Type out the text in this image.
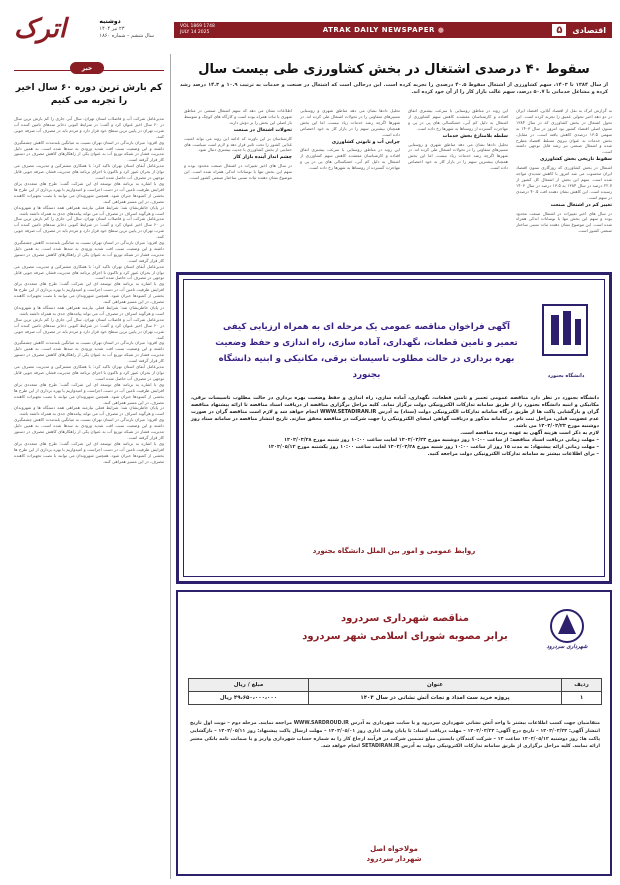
دوشنبه
۲۳ تیر ۱۴۰۴
سال ششم – شماره ۱۸۶۰
اترک	VOL 1869 1748
JULY 14 2025	ATRAK DAILY NEWSPAPER ●	۵	اقتصادی
سقوط ۴۰ درصدی اشتغال در بخش کشاورزی طی بیست سال
از سال ۱۳۸۴ تا ۱۴۰۳، سهم کشاورزی از اشتغال سقوط ۴۰.۵ درصدی را تجربه کرده است. این درحالی است که اشتغال در صنعت و خدمات به ترتیب ۱۰.۹ و ۱۴.۳ درصد رشد کرده و مشاغل خدماتی با ۵۰.۷ درصد، سهم غالب بازار کار را از آن خود کرده اند.
به گزارش اترک به نقل از اقتصاد آنلاین، اقتصاد ایران در دو دهه اخیر تحولی عمیق را تجربه کرده است. این تحول اشتغال در بخش کشاورزی که در سال ۱۳۸۴ ستون اصلی اقتصاد کشور بود امروز در سال ۱۴۰۳ به سهمی ۱۳.۵ درصدی کاهش یافته است. در مقابل، بخش خدمات به عنوان نیروی مسلط اقتصاد مطرح شده و اشتغال صنعتی نیز رشد قابل توجهی داشته است.
سقوط تاریخی بخش کشاورزی
اشتغال در بخش کشاورزی که روزگاری ستون اقتصاد ایران محسوب می شد امروز با کاهش شدیدی مواجه شده است. سهم این بخش از اشتغال کل کشور از ۲۲.۷ درصد در سال ۱۳۸۴ به ۱۳.۵ درصد در سال ۱۴۰۳ رسیده است. این کاهش نشان دهنده افت ۴۰.۵ درصدی در سهم است.
تغییر کم در اشتغال صنعت
در سال های اخیر تغییرات در اشتغال صنعت محدود بوده و سهم این بخش تنها با نوسانات اندکی همراه شده است. این موضوع نشان دهنده ثبات نسبی ساختار صنعتی کشور است.
این روند در مناطق روستایی با سرعت بیشتری اتفاق افتاده و کارشناسان معتقدند کاهش سهم کشاورزی از اشتغال به دلیل کم آبی، خشکسالی های پی در پی و مهاجرت گسترده از روستاها به شهرها رخ داده است.
سلطه بلامنازع بخش خدمات
تحلیل دادها نشان می دهد مناطق شهری و روستایی مسیرهای متفاوتی را در تحولات اشتغال طی کرده اند. در شهرها اگرچه رشد خدمات زیاد نیست، اما این بخش همچنان بیشترین سهم را در بازار کار به خود اختصاص داده است.
تحلیل دادها نشان می دهد مناطق شهری و روستایی مسیرهای متفاوتی را در تحولات اشتغال طی کرده اند. در شهرها اگرچه رشد خدمات زیاد نیست، اما این بخش همچنان بیشترین سهم را در بازار کار به خود اختصاص داده است.
چرایی آب و تابوتی کشاورزی
این روند در مناطق روستایی با سرعت بیشتری اتفاق افتاده و کارشناسان معتقدند کاهش سهم کشاورزی از اشتغال به دلیل کم آبی، خشکسالی های پی در پی و مهاجرت گسترده از روستاها به شهرها رخ داده است.
اطلاعات نشان می دهد که سهم اشتغال صنعتی در مناطق شهری با ثبات همراه بوده است و کارگاه های کوچک و متوسط بار اصلی این بخش را بر دوش دارند.
تحولات اشتغال در صنعت
کارشناسان بر این باورند که ادامه این روند می تواند امنیت غذایی کشور را تحت تاثیر قرار دهد و لازم است سیاست های حمایتی از بخش کشاورزی با جدیت بیشتری دنبال شود.
چشم انداز آینده بازار کار
در سال های اخیر تغییرات در اشتغال صنعت محدود بوده و سهم این بخش تنها با نوسانات اندکی همراه شده است. این موضوع نشان دهنده ثبات نسبی ساختار صنعتی کشور است.
خبر
کم بارش ترین دوره ۶۰ سال اخیر را تجربه می کنیم
مدیرعامل شرکت آب و فاضلاب استان تهران، سال آبی جاری را کم بارش ترین سال در ۶۰ سال اخیر عنوان کرد و گفت: در شرایط کنونی ذخایر سدهای تامین کننده آب شرب تهران در پایین ترین سطح خود قرار دارد و مردم باید در مصرف آب صرفه جویی کنند.
وی افزود: میزان بارندگی در استان تهران نسبت به میانگین بلندمدت کاهش چشمگیری داشته و این وضعیت سبب افت شدید ورودی به سدها شده است. به همین دلیل مدیریت فشار در شبکه توزیع آب به عنوان یکی از راهکارهای کاهش مصرف در دستور کار قرار گرفته است.
مدیرعامل آبفای استان تهران تاکید کرد: با همکاری مشترکین و مدیریت مصرف می توان از بحران عبور کرد و تاکنون با اجرای برنامه های مدیریت فشار، صرفه جویی قابل توجهی در مصرف آب حاصل شده است.
وی با اشاره به برنامه های توسعه ای این شرکت گفت: طرح های متعددی برای افزایش ظرفیت تامین آب در دست اجراست و امیدواریم با بهره برداری از این طرح ها بخشی از کمبودها جبران شود. همچنین شهروندان می توانند با نصب تجهیزات کاهنده مصرف، در این مسیر همراهی کنند.
در پایان خاطرنشان شد: شرایط فعلی نیازمند همراهی همه دستگاه ها و شهروندان است و هرگونه اسراف در مصرف آب می تواند پیامدهای جدی به همراه داشته باشد.
مدیرعامل شرکت آب و فاضلاب استان تهران، سال آبی جاری را کم بارش ترین سال در ۶۰ سال اخیر عنوان کرد و گفت: در شرایط کنونی ذخایر سدهای تامین کننده آب شرب تهران در پایین ترین سطح خود قرار دارد و مردم باید در مصرف آب صرفه جویی کنند.
وی افزود: میزان بارندگی در استان تهران نسبت به میانگین بلندمدت کاهش چشمگیری داشته و این وضعیت سبب افت شدید ورودی به سدها شده است. به همین دلیل مدیریت فشار در شبکه توزیع آب به عنوان یکی از راهکارهای کاهش مصرف در دستور کار قرار گرفته است.
مدیرعامل آبفای استان تهران تاکید کرد: با همکاری مشترکین و مدیریت مصرف می توان از بحران عبور کرد و تاکنون با اجرای برنامه های مدیریت فشار، صرفه جویی قابل توجهی در مصرف آب حاصل شده است.
وی با اشاره به برنامه های توسعه ای این شرکت گفت: طرح های متعددی برای افزایش ظرفیت تامین آب در دست اجراست و امیدواریم با بهره برداری از این طرح ها بخشی از کمبودها جبران شود. همچنین شهروندان می توانند با نصب تجهیزات کاهنده مصرف، در این مسیر همراهی کنند.
در پایان خاطرنشان شد: شرایط فعلی نیازمند همراهی همه دستگاه ها و شهروندان است و هرگونه اسراف در مصرف آب می تواند پیامدهای جدی به همراه داشته باشد.
مدیرعامل شرکت آب و فاضلاب استان تهران، سال آبی جاری را کم بارش ترین سال در ۶۰ سال اخیر عنوان کرد و گفت: در شرایط کنونی ذخایر سدهای تامین کننده آب شرب تهران در پایین ترین سطح خود قرار دارد و مردم باید در مصرف آب صرفه جویی کنند.
وی افزود: میزان بارندگی در استان تهران نسبت به میانگین بلندمدت کاهش چشمگیری داشته و این وضعیت سبب افت شدید ورودی به سدها شده است. به همین دلیل مدیریت فشار در شبکه توزیع آب به عنوان یکی از راهکارهای کاهش مصرف در دستور کار قرار گرفته است.
مدیرعامل آبفای استان تهران تاکید کرد: با همکاری مشترکین و مدیریت مصرف می توان از بحران عبور کرد و تاکنون با اجرای برنامه های مدیریت فشار، صرفه جویی قابل توجهی در مصرف آب حاصل شده است.
وی با اشاره به برنامه های توسعه ای این شرکت گفت: طرح های متعددی برای افزایش ظرفیت تامین آب در دست اجراست و امیدواریم با بهره برداری از این طرح ها بخشی از کمبودها جبران شود. همچنین شهروندان می توانند با نصب تجهیزات کاهنده مصرف، در این مسیر همراهی کنند.
در پایان خاطرنشان شد: شرایط فعلی نیازمند همراهی همه دستگاه ها و شهروندان است و هرگونه اسراف در مصرف آب می تواند پیامدهای جدی به همراه داشته باشد.
وی افزود: میزان بارندگی در استان تهران نسبت به میانگین بلندمدت کاهش چشمگیری داشته و این وضعیت سبب افت شدید ورودی به سدها شده است. به همین دلیل مدیریت فشار در شبکه توزیع آب به عنوان یکی از راهکارهای کاهش مصرف در دستور کار قرار گرفته است.
وی با اشاره به برنامه های توسعه ای این شرکت گفت: طرح های متعددی برای افزایش ظرفیت تامین آب در دست اجراست و امیدواریم با بهره برداری از این طرح ها بخشی از کمبودها جبران شود. همچنین شهروندان می توانند با نصب تجهیزات کاهنده مصرف، در این مسیر همراهی کنند.
دانشگاه بجنورد
آگهی فراخوان مناقصه عمومی یک مرحله ای به همراه ارزیابی کیفی تعمیر و تامین قطعات، نگهداری، آماده سازی، راه اندازی و حفظ وضعیت بهره برداری در حالت مطلوب تاسیسات برقی، مکانیکی و ابنیه دانشگاه بجنورد
دانشگاه بجنورد در نظر دارد مناقصه عمومی تعمیر و تامین قطعات، نگهداری، آماده سازی، راه اندازی و حفظ وضعیت بهره برداری در حالت مطلوب تاسیسات برقی، مکانیکی و ابنیه دانشگاه بجنورد را از طریق سامانه تدارکات الکترونیکی دولت برگزار نماید. کلیه مراحل برگزاری مناقصه از دریافت اسناد مناقصه تا ارائه پیشنهاد مناقصه گران و بازگشایی پاکت ها از طریق درگاه سامانه تدارکات الکترونیکی دولت (ستاد) به آدرس WWW.SETADIRAN.IR انجام خواهد شد و لازم است مناقصه گران در صورت عدم عضویت قبلی، مراحل ثبت نام در سامانه مذکور و دریافت گواهی امضای الکترونیکی را جهت شرکت در مناقصه محقق سازند. تاریخ انتشار مناقصه در سامانه ستاد روز دوشنبه مورخ ۱۴۰۴/۰۴/۲۳ می باشد.
لازم به ذکر است هزینه آگهی به عهده برنده مناقصه است.
– مهلت زمانی دریافت اسناد مناقصه: از ساعت ۱۰:۰۰ روز دوشنبه مورخ ۱۴۰۴/۰۴/۲۳ لغایت ساعت ۱۰:۰۰ روز شنبه مورخ ۱۴۰۴/۰۴/۲۸
– مهلت زمانی ارائه پیشنهاد: به مدت ۱۵ روز از ساعت ۱۰:۰۰ روز شنبه مورخ ۱۴۰۴/۰۴/۲۸ لغایت ساعت ۱۰:۰۰ روز یکشنبه مورخ ۱۴۰۴/۰۵/۱۲
– برای اطلاعات بیشتر به سامانه تدارکات الکترونیکی دولت مراجعه کنید.
روابط عمومی و امور بین الملل دانشگاه بجنورد
شهرداری سردرود
مناقصه شهرداری سردرود
برابر مصوبه شورای اسلامی شهر سردرود
ردیف	عنوان	مبلغ / ریال
۱	پروژه خرید ست امداد و نجات آتش نشانی در سال ۱۴۰۴	۴۹،۶۵۰،۰۰۰،۰۰۰ ریال
متقاضیان جهت کسب اطلاعات بیشتر با واحد آتش نشانی شهرداری سردرود و یا سایت شهرداری به آدرس WWW.SARDROUD.IR مراجعه نمایند. مرحله دوم – نوبت اول تاریخ انتشار آگهی: ۱۴۰۴/۰۴/۲۳ – تاریخ درج آگهی: ۱۴۰۴/۰۴/۲۴ – مهلت دریافت اسناد: تا پایان وقت اداری روز ۱۴۰۴/۰۵/۰۱ – مهلت ارسال پاکت پیشنهاد: روز ۱۴۰۴/۰۵/۱۱ – بازگشایی پاکت ها: روز دوشنبه ۱۴۰۴/۰۵/۱۲ ساعت ۱۴ – شرکت کنندگان بایستی مبلغ تضمین شرکت در فرآیند ارجاع کار را به شماره حساب شهرداری واریز و یا ضمانت نامه بانکی معتبر ارائه نمایند. کلیه مراحل برگزاری از طریق سامانه تدارکات الکترونیکی دولت به آدرس SETADIRAN.IR انجام خواهد شد.
مولاخواه اصل
شهردار سردرود
